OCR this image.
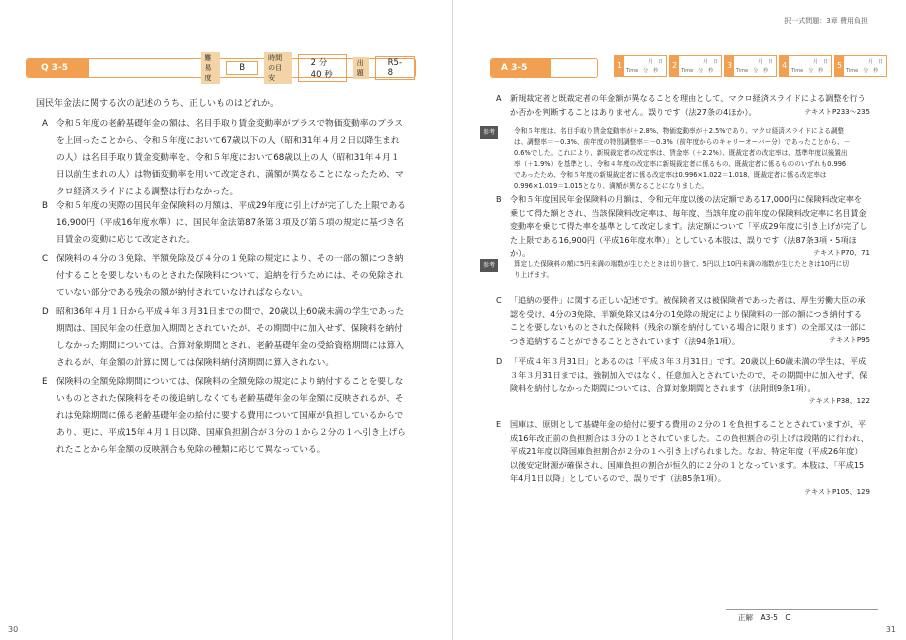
Q 3-5
難易度
B
時間の目安
2 分 40 秒
出題
R5-8
国民年金法に関する次の記述のうち、正しいものはどれか。
A 令和５年度の老齢基礎年金の額は、名目手取り賃金変動率がプラスで物価変動率のプラスを上回ったことから、令和５年度において67歳以下の人（昭和31年４月２日以降生まれの人）は名目手取り賃金変動率を、令和５年度において68歳以上の人（昭和31年４月１日以前生まれの人）は物価変動率を用いて改定され、満額が異なることになったため、マクロ経済スライドによる調整は行わなかった。
B 令和５年度の実際の国民年金保険料の月額は、平成29年度に引上げが完了した上限である16,900円（平成16年度水準）に、国民年金法第87条第３項及び第５項の規定に基づき名目賃金の変動に応じて改定された。
C 保険料の４分の３免除、半額免除及び４分の１免除の規定により、その一部の額につき納付することを要しないものとされた保険料について、追納を行うためには、その免除されていない部分である残余の額が納付されていなければならない。
D 昭和36年４月１日から平成４年３月31日までの間で、20歳以上60歳未満の学生であった期間は、国民年金の任意加入期間とされていたが、その期間中に加入せず、保険料を納付しなかった期間については、合算対象期間とされ、老齢基礎年金の受給資格期間には算入されるが、年金額の計算に関しては保険料納付済期間に算入されない。
E 保険料の全額免除期間については、保険料の全額免除の規定により納付することを要しないものとされた保険料をその後追納しなくても老齢基礎年金の年金額に反映されるが、それは免除期間に係る老齢基礎年金の給付に要する費用について国庫が負担しているからであり、更に、平成15年４月１日以降、国庫負担割合が３分の１から２分の１へ引き上げられたことから年金額の反映割合も免除の種類に応じて異なっている。
30
択一式問題：3章 費用負担
A 3-5	1	月　日
Time　分　秒
2	月　日
Time　分　秒
3	月　日
Time　分　秒
4	月　日
Time　分　秒
5	月　日
Time　分　秒
A 新規裁定者と既裁定者の年金額が異なることを理由として、マクロ経済スライドによる調整を行うか否かを判断することはありません。誤りです（法27条の4ほか）。	テキストP233～235
参考	令和５年度は、名目手取り賃金変動率が＋2.8%、物価変動率が＋2.5%であり、マクロ経済スライドによる調整は、調整率＝－0.3%、前年度の特別調整率＝－0.3%（前年度からのキャリーオーバー分）であったことから、－0.6%でした。これにより、新規裁定者の改定率は、賃金率（＋2.2%）、既裁定者の改定率は、基準年度以後置出率（＋1.9%）を基準とし、令和４年度の改定率に新規裁定者に係るもの、既裁定者に係るもののいずれも0.996であったため、令和５年度の新規裁定者に係る改定率は0.996×1.022＝1.018、既裁定者に係る改定率は0.996×1.019＝1.015となり、満額が異なることになりました。
B 令和５年度国民年金保険料の月額は、令和元年度以後の法定額である17,000円に保険料改定率を乗じて得た額とされ、当該保険料改定率は、毎年度、当該年度の前年度の保険料改定率に名目賃金変動率を乗じて得た率を基準として改定します。法定額について「平成29年度に引き上げが完了した上限である16,900円（平成16年度水準）」としている本肢は、誤りです（法87条3項・5項ほか）。	テキストP70、71
参考	算定した保険料の額に5円未満の端数が生じたときは切り捨て、5円以上10円未満の端数が生じたときは10円に切り上げます。
C 「追納の要件」に関する正しい記述です。被保険者又は被保険者であった者は、厚生労働大臣の承認を受け、4分の3免除、半額免除又は4分の1免除の規定により保険料の一部の額につき納付することを要しないものとされた保険料（残余の額を納付している場合に限ります）の全部又は一部につき追納することができることとされています（法94条1項）。	テキストP95
D 「平成４年３月31日」とあるのは「平成３年３月31日」です。20歳以上60歳未満の学生は、平成３年３月31日までは、強制加入ではなく、任意加入とされていたので、その期間中に加入せず、保険料を納付しなかった期間については、合算対象期間とされます（法附則9条1項）。
テキストP38、122
E 国庫は、原則として基礎年金の給付に要する費用の２分の１を負担することとされていますが、平成16年改正前の負担割合は３分の１とされていました。この負担割合の引上げは段階的に行われ、平成21年度以降国庫負担割合が２分の１へ引き上げられました。なお、特定年度（平成26年度）以後安定財源が確保され、国庫負担の割合が恒久的に２分の１となっています。本肢は、「平成15年4月1日以降」としているので、誤りです（法85条1項）。
テキストP105、129
正解　A3-5　C
31
